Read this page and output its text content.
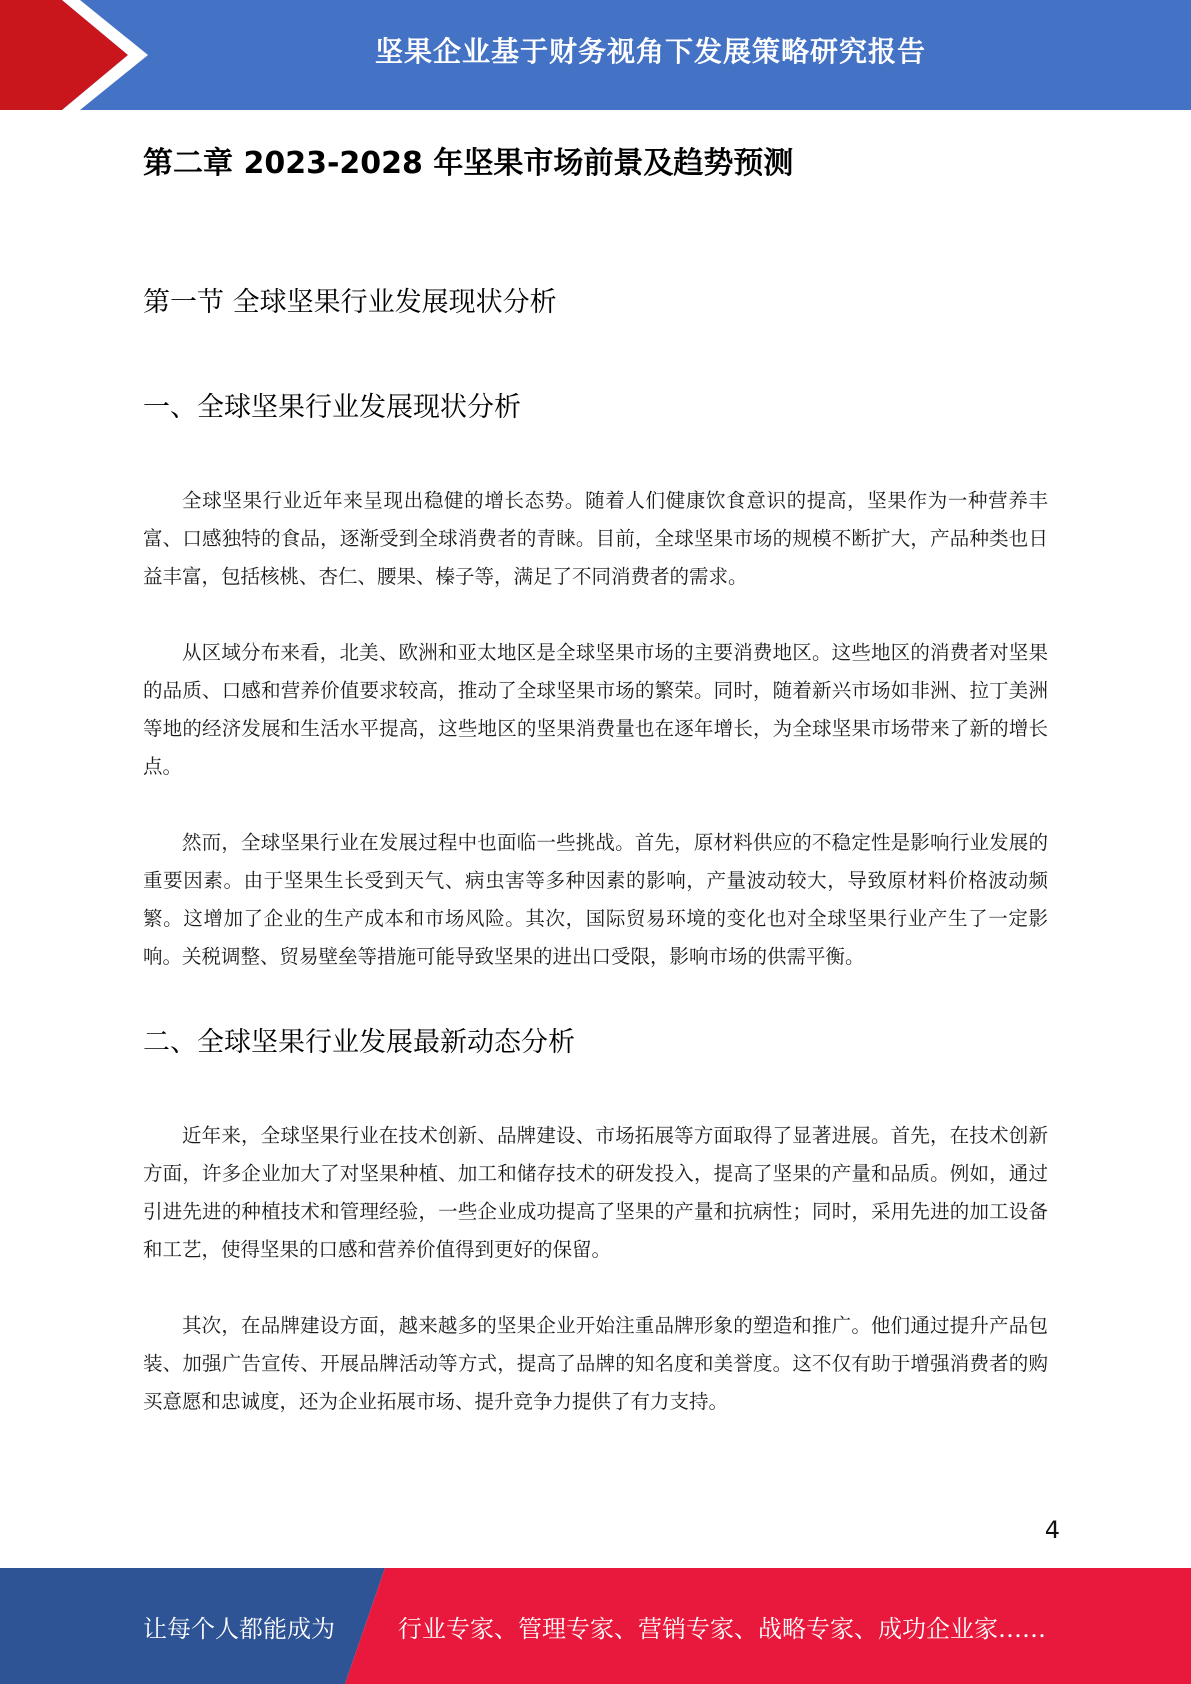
坚果企业基于财务视角下发展策略研究报告
第二章 2023-2028 年坚果市场前景及趋势预测
第一节 全球坚果行业发展现状分析
一、全球坚果行业发展现状分析

全球坚果行业近年来呈现出稳健的增长态势。随着人们健康饮食意识的提高，坚果作为一种营养丰富、口感独特的食品，逐渐受到全球消费者的青睐。目前，全球坚果市场的规模不断扩大，产品种类也日益丰富，包括核桃、杏仁、腰果、榛子等，满足了不同消费者的需求。

从区域分布来看，北美、欧洲和亚太地区是全球坚果市场的主要消费地区。这些地区的消费者对坚果的品质、口感和营养价值要求较高，推动了全球坚果市场的繁荣。同时，随着新兴市场如非洲、拉丁美洲等地的经济发展和生活水平提高，这些地区的坚果消费量也在逐年增长，为全球坚果市场带来了新的增长点。

然而，全球坚果行业在发展过程中也面临一些挑战。首先，原材料供应的不稳定性是影响行业发展的重要因素。由于坚果生长受到天气、病虫害等多种因素的影响，产量波动较大，导致原材料价格波动频繁。这增加了企业的生产成本和市场风险。其次，国际贸易环境的变化也对全球坚果行业产生了一定影响。关税调整、贸易壁垒等措施可能导致坚果的进出口受限，影响市场的供需平衡。

二、全球坚果行业发展最新动态分析

近年来，全球坚果行业在技术创新、品牌建设、市场拓展等方面取得了显著进展。首先，在技术创新方面，许多企业加大了对坚果种植、加工和储存技术的研发投入，提高了坚果的产量和品质。例如，通过引进先进的种植技术和管理经验，一些企业成功提高了坚果的产量和抗病性；同时，采用先进的加工设备和工艺，使得坚果的口感和营养价值得到更好的保留。

其次，在品牌建设方面，越来越多的坚果企业开始注重品牌形象的塑造和推广。他们通过提升产品包装、加强广告宣传、开展品牌活动等方式，提高了品牌的知名度和美誉度。这不仅有助于增强消费者的购买意愿和忠诚度，还为企业拓展市场、提升竞争力提供了有力支持。

4
让每个人都能成为	行业专家、管理专家、营销专家、战略专家、成功企业家……
